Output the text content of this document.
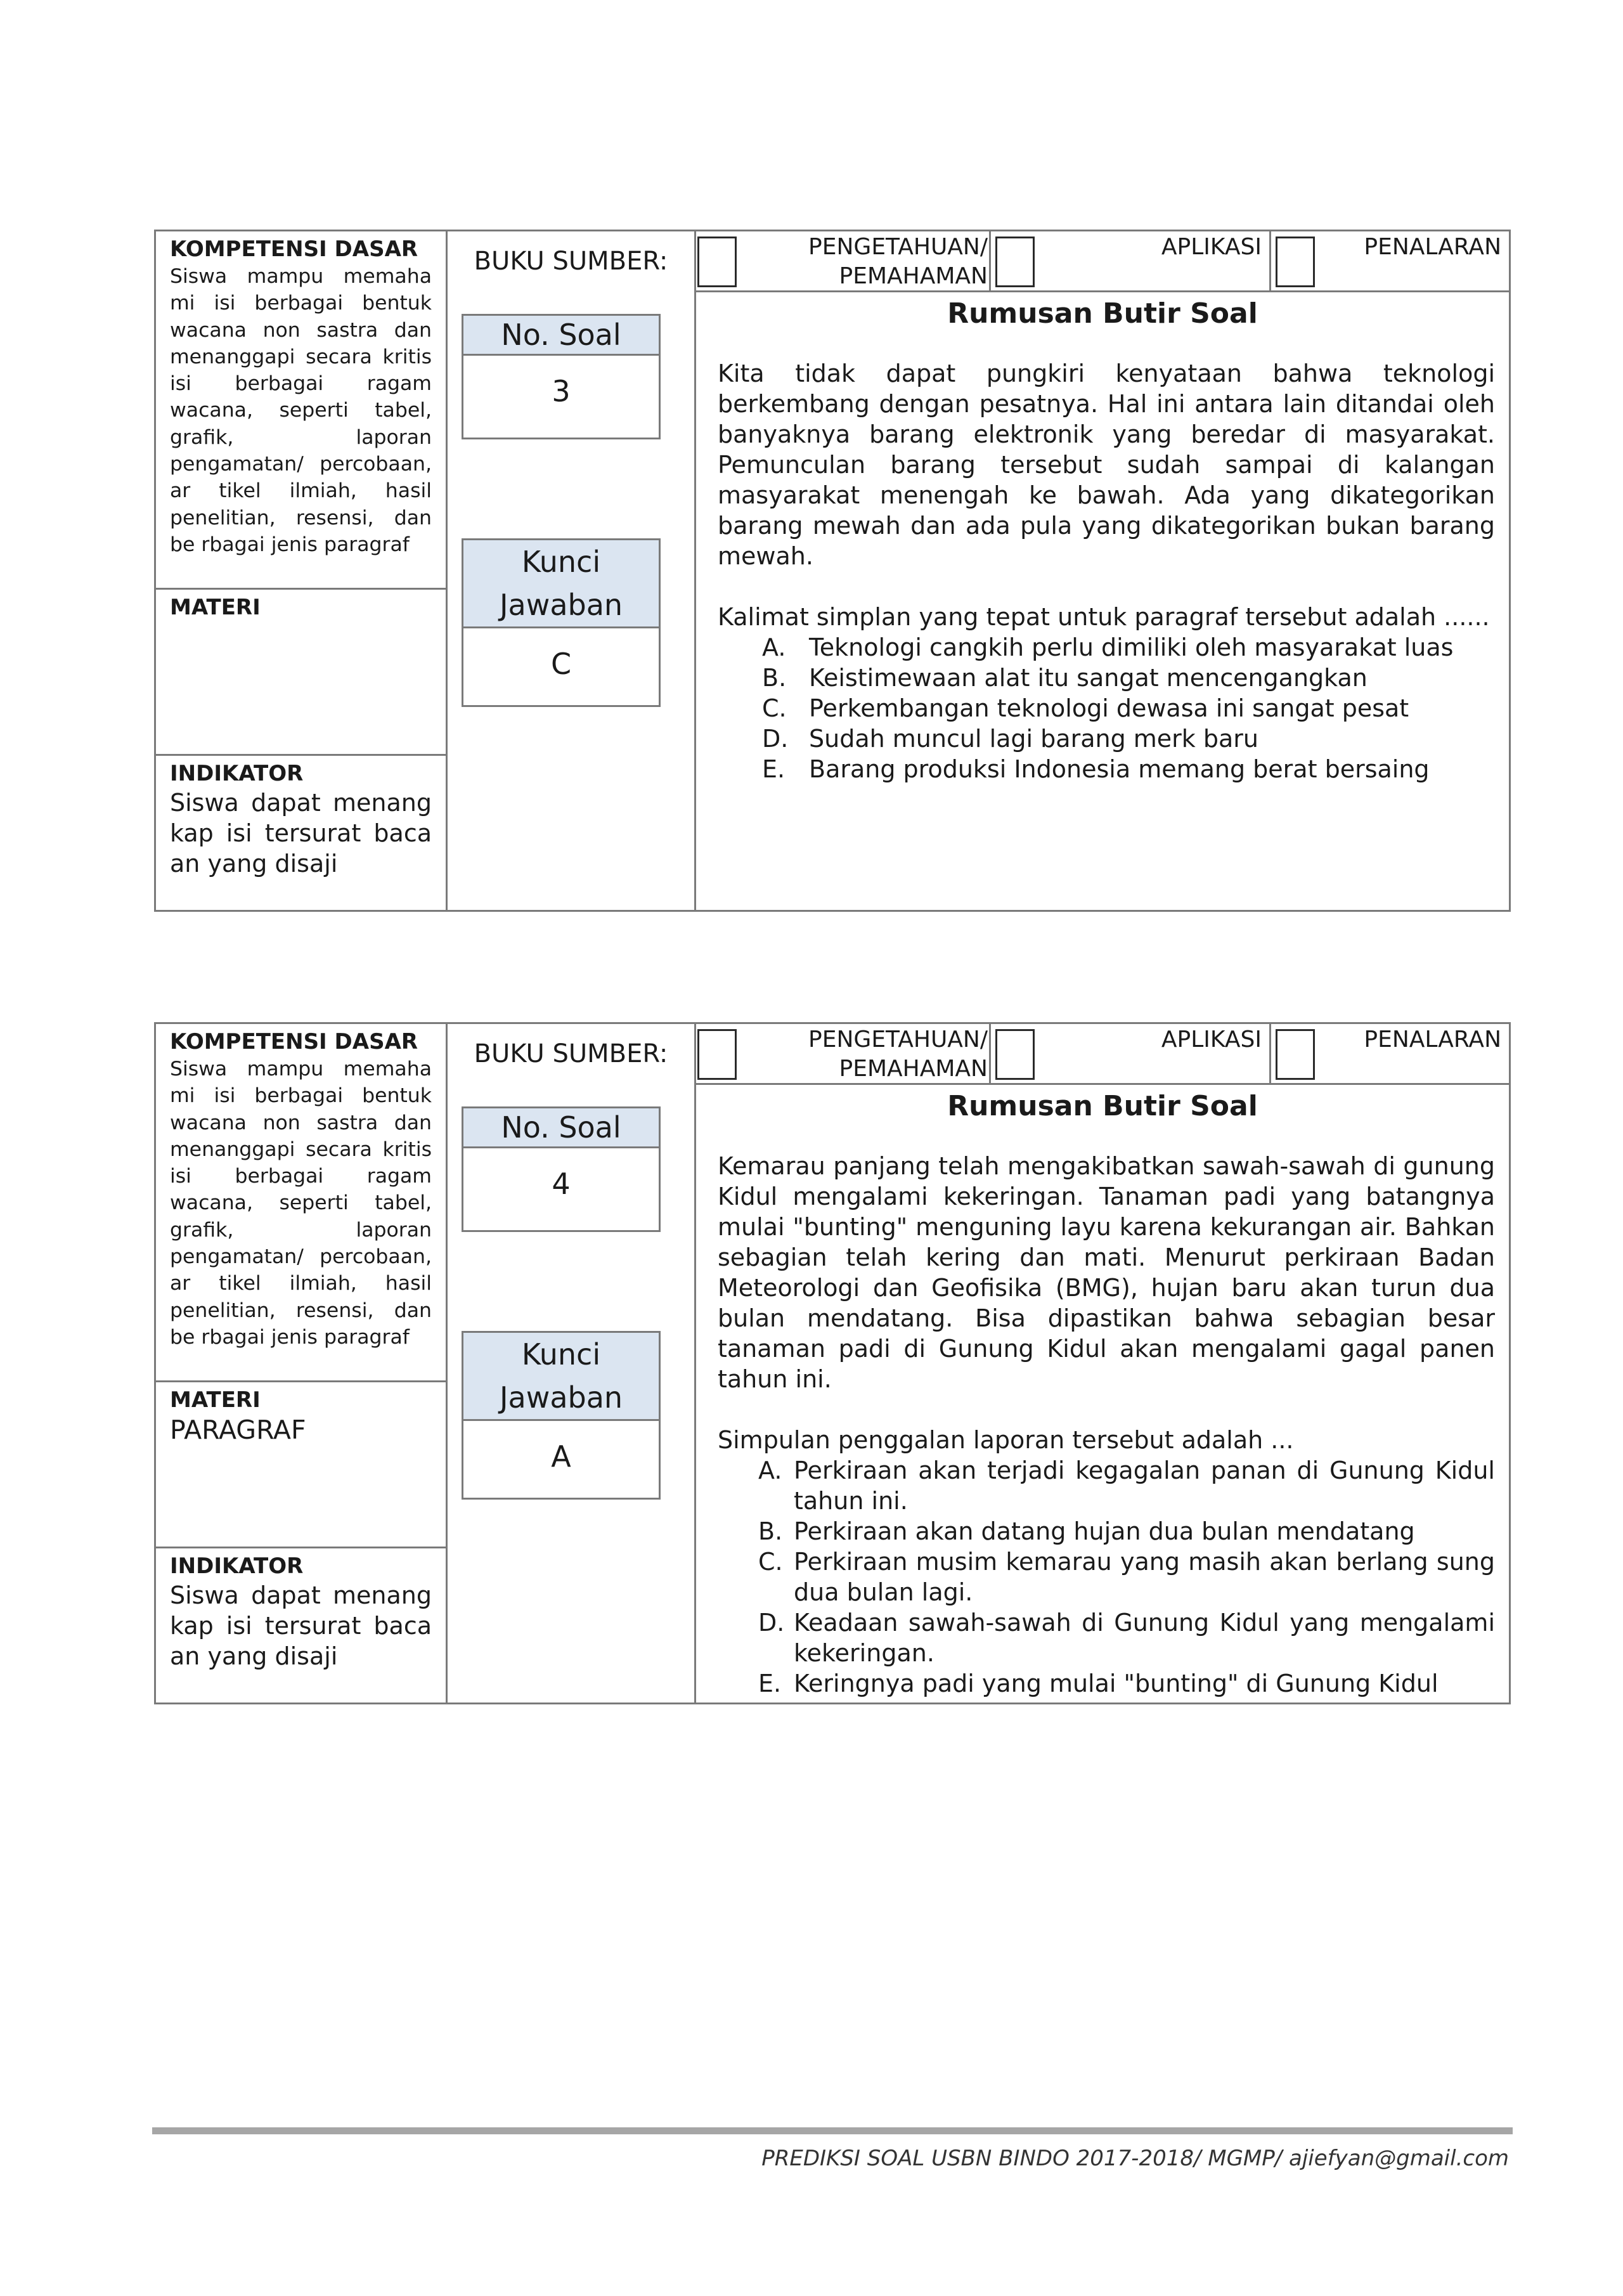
KOMPETENSI DASAR
Siswa mampu memaha mi isi berbagai bentuk wacana non sastra dan menanggapi secara kritis isi berbagai ragam wacana, seperti tabel, grafik, laporan pengamatan/ percobaan, ar tikel ilmiah, hasil penelitian, resensi, dan be rbagai jenis paragraf
MATERI
INDIKATOR
Siswa dapat menang kap isi tersurat baca an yang disaji
BUKU SUMBER:
No. Soal
3
Kunci Jawaban
C
PENGETAHUAN/ PEMAHAMAN
APLIKASI	PENALARAN
Rumusan Butir Soal

Kita tidak dapat pungkiri kenyataan bahwa teknologi berkembang dengan pesatnya. Hal ini antara lain ditandai oleh banyaknya barang elektronik yang beredar di masyarakat. Pemunculan barang tersebut sudah sampai di kalangan masyarakat menengah ke bawah. Ada yang dikategorikan barang mewah dan ada pula yang dikategorikan bukan barang mewah.

Kalimat simplan yang tepat untuk paragraf tersebut adalah ......

A. Teknologi cangkih perlu dimiliki oleh masyarakat luas
B. Keistimewaan alat itu sangat mencengangkan
C. Perkembangan teknologi dewasa ini sangat pesat
D. Sudah muncul lagi barang merk baru
E. Barang produksi Indonesia memang berat bersaing
KOMPETENSI DASAR
Siswa mampu memaha mi isi berbagai bentuk wacana non sastra dan menanggapi secara kritis isi berbagai ragam wacana, seperti tabel, grafik, laporan pengamatan/ percobaan, ar tikel ilmiah, hasil penelitian, resensi, dan be rbagai jenis paragraf
MATERI
PARAGRAF
INDIKATOR
Siswa dapat menang kap isi tersurat baca an yang disaji
BUKU SUMBER:
No. Soal
4
Kunci Jawaban
A
PENGETAHUAN/ PEMAHAMAN
APLIKASI	PENALARAN
Rumusan Butir Soal

Kemarau panjang telah mengakibatkan sawah-sawah di gunung Kidul mengalami kekeringan. Tanaman padi yang batangnya mulai "bunting" menguning layu karena kekurangan air. Bahkan sebagian telah kering dan mati. Menurut perkiraan Badan Meteorologi dan Geofisika (BMG), hujan baru akan turun dua bulan mendatang. Bisa dipastikan bahwa sebagian besar tanaman padi di Gunung Kidul akan mengalami gagal panen tahun ini.

Simpulan penggalan laporan tersebut adalah ...

A. Perkiraan akan terjadi kegagalan panan di Gunung Kidul tahun ini.
B. Perkiraan akan datang hujan dua bulan mendatang
C. Perkiraan musim kemarau yang masih akan berlang sung dua bulan lagi.
D. Keadaan sawah-sawah di Gunung Kidul yang mengalami kekeringan.
E. Keringnya padi yang mulai "bunting" di Gunung Kidul
PREDIKSI SOAL USBN BINDO 2017-2018/ MGMP/ ajiefyan@gmail.com
